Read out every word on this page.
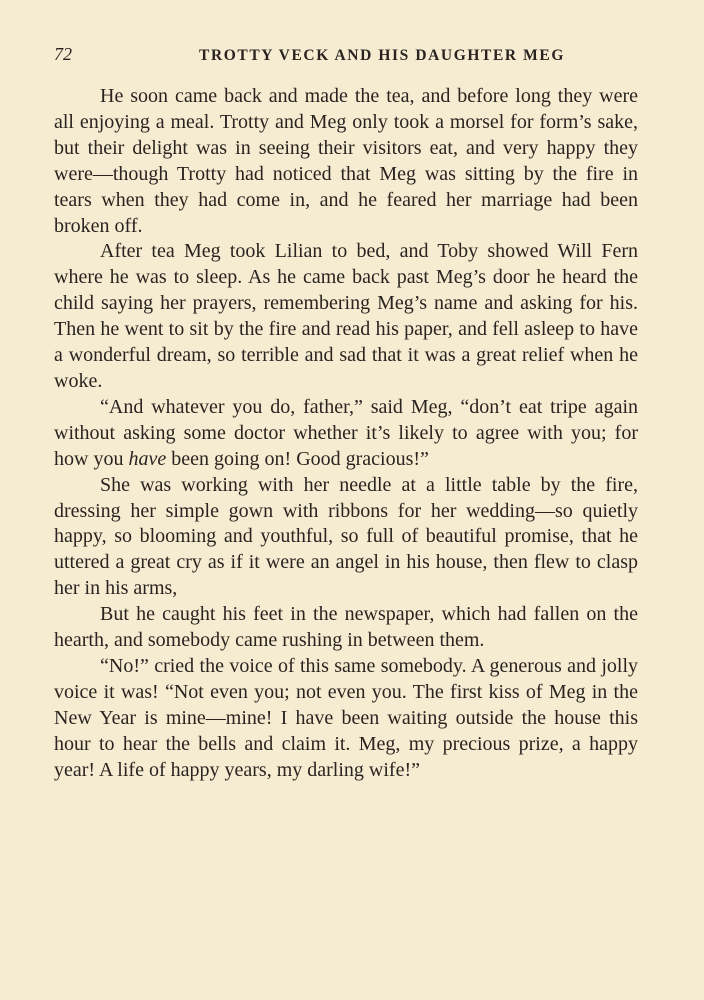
72	TROTTY VECK AND HIS DAUGHTER MEG

He soon came back and made the tea, and before long they were all enjoying a meal. Trotty and Meg only took a morsel for form’s sake, but their delight was in seeing their visitors eat, and very happy they were—though Trotty had noticed that Meg was sitting by the fire in tears when they had come in, and he feared her marriage had been broken off.

After tea Meg took Lilian to bed, and Toby showed Will Fern where he was to sleep. As he came back past Meg’s door he heard the child saying her prayers, remembering Meg’s name and asking for his. Then he went to sit by the fire and read his paper, and fell asleep to have a wonderful dream, so terrible and sad that it was a great relief when he woke.

“And whatever you do, father,” said Meg, “don’t eat tripe again without asking some doctor whether it’s likely to agree with you; for how you have been going on! Good gracious!”

She was working with her needle at a little table by the fire, dressing her simple gown with ribbons for her wedding—so quietly happy, so blooming and youthful, so full of beautiful promise, that he uttered a great cry as if it were an angel in his house, then flew to clasp her in his arms,

But he caught his feet in the newspaper, which had fallen on the hearth, and somebody came rushing in between them.

“No!” cried the voice of this same somebody. A generous and jolly voice it was! “Not even you; not even you. The first kiss of Meg in the New Year is mine—mine! I have been waiting outside the house this hour to hear the bells and claim it. Meg, my precious prize, a happy year! A life of happy years, my darling wife!”
